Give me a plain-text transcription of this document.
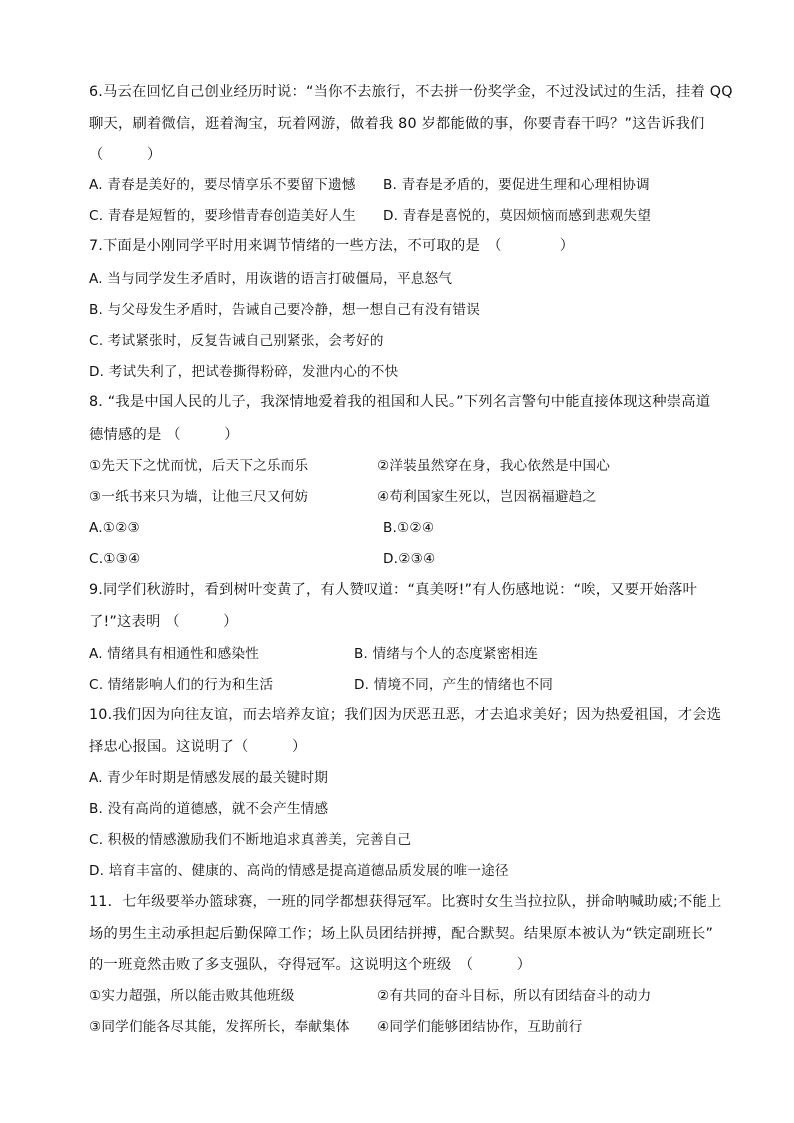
6.马云在回忆自己创业经历时说：“当你不去旅行，不去拼一份奖学金，不过没试过的生活，挂着 QQ
聊天，刷着微信，逛着淘宝，玩着网游，做着我 80 岁都能做的事，你要青春干吗？”这告诉我们
（　　　）
A. 青春是美好的，要尽情享乐不要留下遗憾 B. 青春是矛盾的，要促进生理和心理相协调
C. 青春是短暂的，要珍惜青春创造美好人生 D. 青春是喜悦的，莫因烦恼而感到悲观失望
7.下面是小刚同学平时用来调节情绪的一些方法，不可取的是　（　　　　）
A. 当与同学发生矛盾时，用诙谐的语言打破僵局，平息怒气
B. 与父母发生矛盾时，告诫自己要冷静，想一想自己有没有错误
C. 考试紧张时，反复告诫自己别紧张，会考好的
D. 考试失利了，把试卷撕得粉碎，发泄内心的不快
8. “我是中国人民的儿子，我深情地爱着我的祖国和人民。”下列名言警句中能直接体现这种崇高道
德情感的是 （　　　）
①先天下之忧而忧，后天下之乐而乐	②洋装虽然穿在身，我心依然是中国心
③一纸书来只为墙，让他三尺又何妨	④苟利国家生死以，岂因祸福避趋之
A.①②③	B.①②④
C.①③④	D.②③④
9.同学们秋游时，看到树叶变黄了，有人赞叹道：“真美呀!”有人伤感地说：“唉，又要开始落叶
了!”这表明 （　　　）
A. 情绪具有相通性和感染性	B. 情绪与个人的态度紧密相连
C. 情绪影响人们的行为和生活	D. 情境不同，产生的情绪也不同
10.我们因为向往友谊，而去培养友谊；我们因为厌恶丑恶，才去追求美好；因为热爱祖国，才会选
择忠心报国。这说明了（　　　）
A. 青少年时期是情感发展的最关键时期
B. 没有高尚的道德感，就不会产生情感
C. 积极的情感激励我们不断地追求真善美，完善自己
D. 培育丰富的、健康的、高尚的情感是提高道德品质发展的唯一途径
11．七年级要举办篮球赛，一班的同学都想获得冠军。比赛时女生当拉拉队，拼命呐喊助威;不能上
场的男生主动承担起后勤保障工作；场上队员团结拼搏，配合默契。结果原本被认为“铁定副班长”
的一班竟然击败了多支强队，夺得冠军。这说明这个班级　（　　　）
①实力超强，所以能击败其他班级	②有共同的奋斗目标，所以有团结奋斗的动力
③同学们能各尽其能，发挥所长，奉献集体 ④同学们能够团结协作，互助前行
